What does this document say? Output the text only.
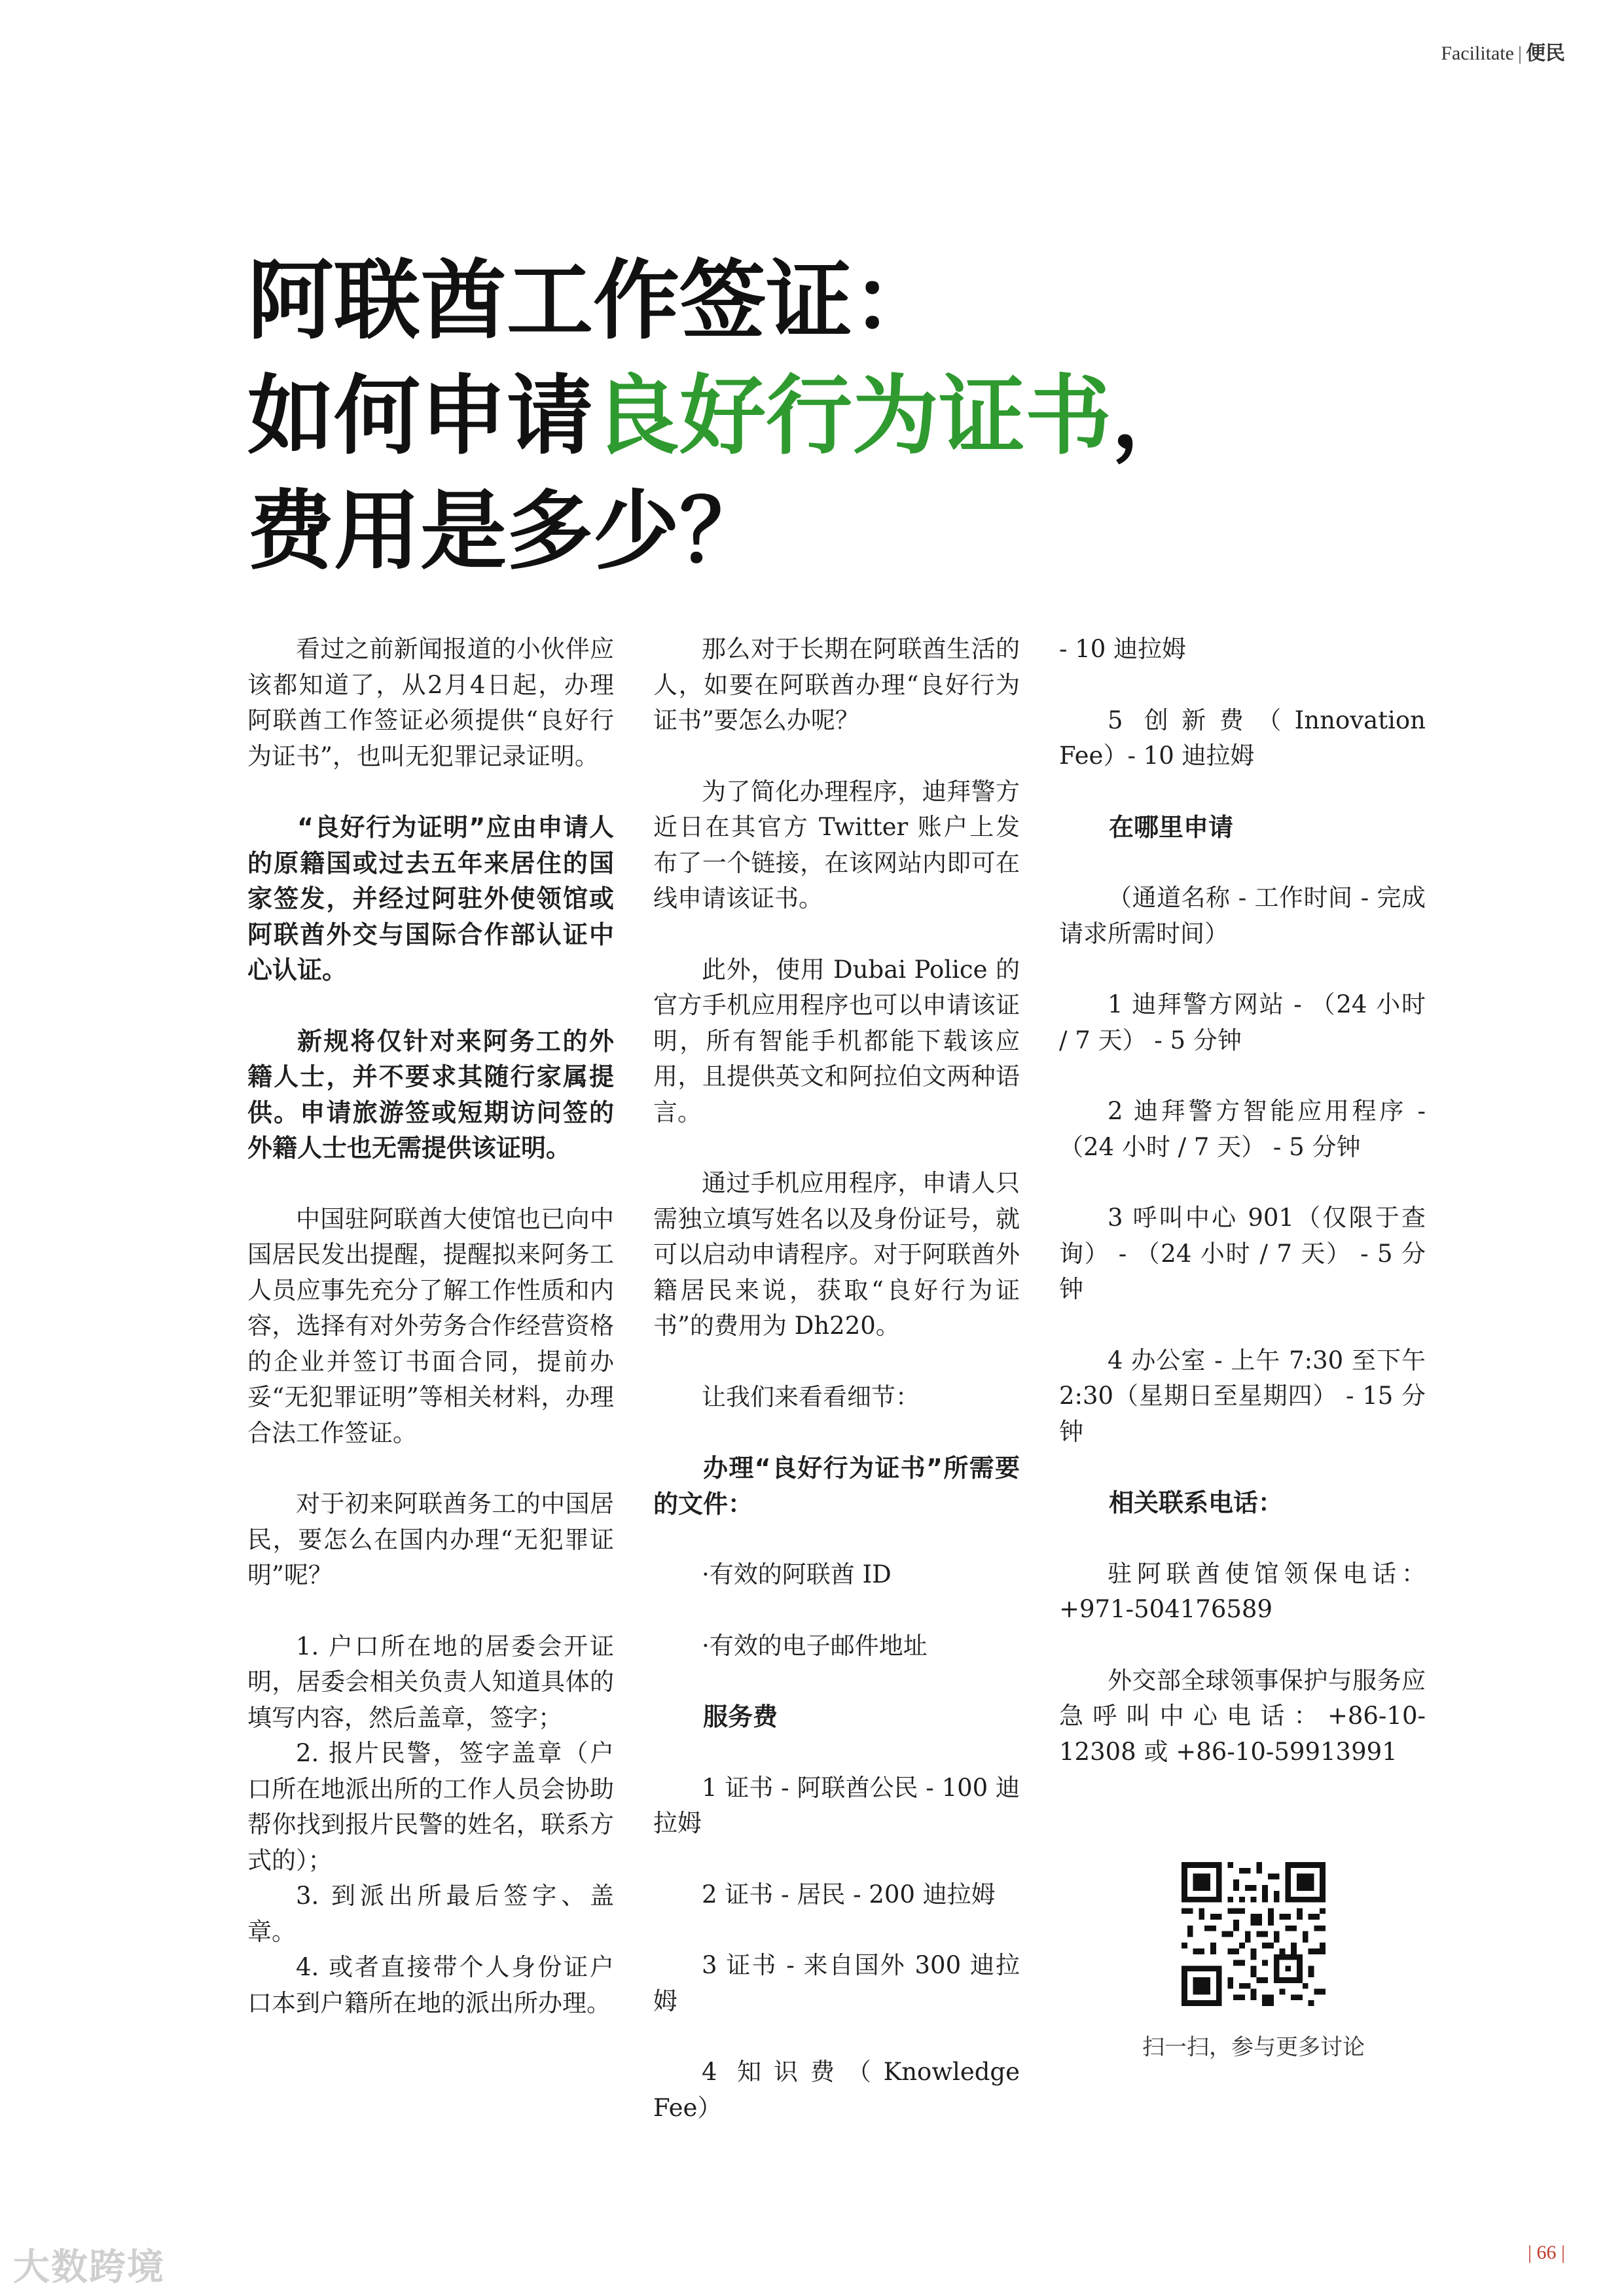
Facilitate | 便民
阿联酋工作签证：
如何申请良好行为证书，
费用是多少？

看过之前新闻报道的小伙伴应该都知道了，从2月4日起，办理阿联酋工作签证必须提供“良好行为证书”，也叫无犯罪记录证明。

“良好行为证明”应由申请人的原籍国或过去五年来居住的国家签发，并经过阿驻外使领馆或阿联酋外交与国际合作部认证中心认证。

新规将仅针对来阿务工的外籍人士，并不要求其随行家属提供。申请旅游签或短期访问签的外籍人士也无需提供该证明。

中国驻阿联酋大使馆也已向中国居民发出提醒，提醒拟来阿务工人员应事先充分了解工作性质和内容，选择有对外劳务合作经营资格的企业并签订书面合同，提前办妥“无犯罪证明”等相关材料，办理合法工作签证。

对于初来阿联酋务工的中国居民，要怎么在国内办理“无犯罪证明”呢？

1. 户口所在地的居委会开证明，居委会相关负责人知道具体的填写内容，然后盖章，签字；

2. 报片民警，签字盖章（户口所在地派出所的工作人员会协助帮你找到报片民警的姓名，联系方式的）；

3. 到派出所最后签字、盖章。

4. 或者直接带个人身份证户口本到户籍所在地的派出所办理。

那么对于长期在阿联酋生活的人，如要在阿联酋办理“良好行为证书”要怎么办呢？

为了简化办理程序，迪拜警方近日在其官方 Twitter 账户上发布了一个链接，在该网站内即可在线申请该证书。

此外，使用 Dubai Police 的官方手机应用程序也可以申请该证明，所有智能手机都能下载该应用，且提供英文和阿拉伯文两种语言。

通过手机应用程序，申请人只需独立填写姓名以及身份证号，就可以启动申请程序。对于阿联酋外籍居民来说，获取“良好行为证书”的费用为 Dh220。

让我们来看看细节：

办理“良好行为证书”所需要的文件：

·有效的阿联酋 ID

·有效的电子邮件地址

服务费

1 证书 - 阿联酋公民 - 100 迪拉姆

2 证书 - 居民 - 200 迪拉姆

3 证书 - 来自国外 300 迪拉姆

4 知识费（Knowledge Fee）

- 10 迪拉姆

5 创新费（Innovation Fee）- 10 迪拉姆

在哪里申请

（通道名称 - 工作时间 - 完成请求所需时间）

1 迪拜警方网站 - （24 小时 / 7 天） - 5 分钟

2 迪拜警方智能应用程序 - （24 小时 / 7 天） - 5 分钟

3 呼叫中心 901（仅限于查询） - （24 小时 / 7 天） - 5 分钟

4 办公室 - 上午 7:30 至下午 2:30（星期日至星期四） - 15 分钟

相关联系电话：

驻阿联酋使馆领保电话：+971-504176589

外交部全球领事保护与服务应急呼叫中心电话：+86-10-12308 或 +86-10-59913991

扫一扫，参与更多讨论
| 66 |
大数跨境
